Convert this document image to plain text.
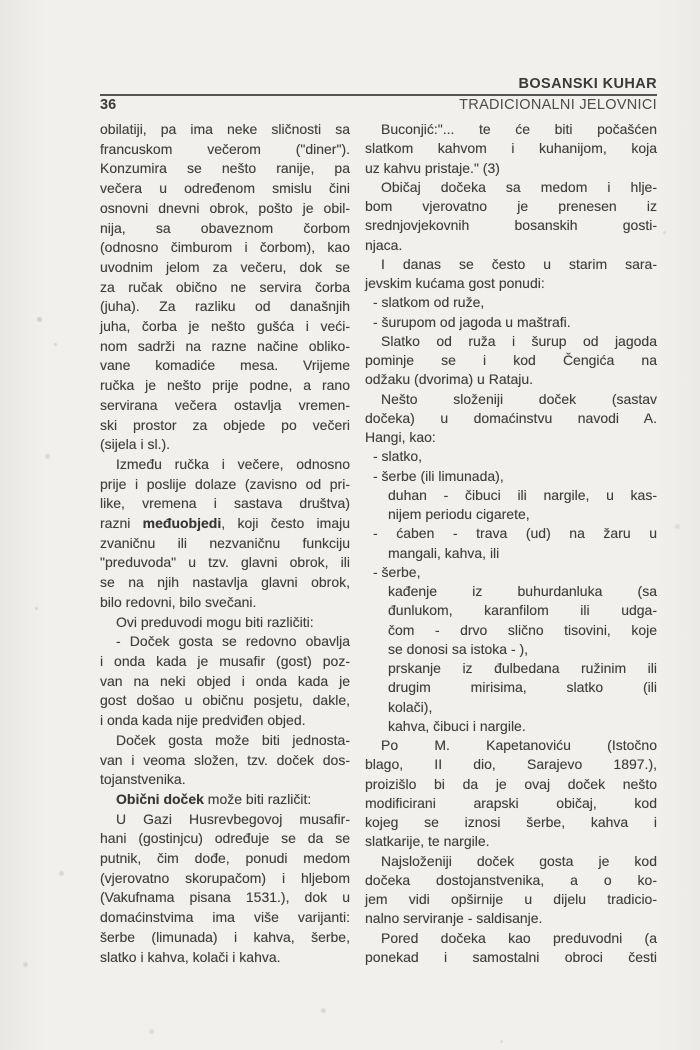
BOSANSKI KUHAR
36	TRADICIONALNI JELOVNICI
obilatiji, pa ima neke sličnosti sa
francuskom večerom ("diner").
Konzumira se nešto ranije, pa
večera u određenom smislu čini
osnovni dnevni obrok, pošto je obil-
nija, sa obaveznom čorbom
(odnosno čimburom i čorbom), kao
uvodnim jelom za večeru, dok se
za ručak obično ne servira čorba
(juha). Za razliku od današnjih
juha, čorba je nešto gušća i veći-
nom sadrži na razne načine obliko-
vane komadiće mesa. Vrijeme
ručka je nešto prije podne, a rano
servirana večera ostavlja vremen-
ski prostor za objede po večeri
(sijela i sl.).
Između ručka i večere, odnosno
prije i poslije dolaze (zavisno od pri-
like, vremena i sastava društva)
razni međuobjedi, koji često imaju
zvaničnu ili nezvaničnu funkciju
"preduvoda" u tzv. glavni obrok, ili
se na njih nastavlja glavni obrok,
bilo redovni, bilo svečani.
Ovi preduvodi mogu biti različiti:
- Doček gosta se redovno obavlja
i onda kada je musafir (gost) poz-
van na neki objed i onda kada je
gost došao u običnu posjetu, dakle,
i onda kada nije predviđen objed.
Doček gosta može biti jednosta-
van i veoma složen, tzv. doček dos-
tojanstvenika.
Obični doček može biti različit:
U Gazi Husrevbegovoj musafir-
hani (gostinjcu) određuje se da se
putnik, čim dođe, ponudi medom
(vjerovatno skorupačom) i hljebom
(Vakufnama pisana 1531.), dok u
domaćinstvima ima više varijanti:
šerbe (limunada) i kahva, šerbe,
slatko i kahva, kolači i kahva.
Buconjić:"... te će biti počašćen
slatkom kahvom i kuhanijom, koja
uz kahvu pristaje." (3)
Običaj dočeka sa medom i hlje-
bom vjerovatno je prenesen iz
srednjovjekovnih bosanskih gosti-
njaca.
I danas se često u starim sara-
jevskim kućama gost ponudi:
- slatkom od ruže,
- šurupom od jagoda u maštrafi.
Slatko od ruža i šurup od jagoda
pominje se i kod Čengića na
odžaku (dvorima) u Rataju.
Nešto složeniji doček (sastav
dočeka) u domaćinstvu navodi A.
Hangi, kao:
- slatko,
- šerbe (ili limunada),
duhan - čibuci ili nargile, u kas-
nijem periodu cigarete,
- ćaben - trava (ud) na žaru u
mangali, kahva, ili
- šerbe,
kađenje iz buhurdanluka (sa
đunlukom, karanfilom ili udga-
čom - drvo slično tisovini, koje
se donosi sa istoka - ),
prskanje iz đulbedana ružinim ili
drugim mirisima, slatko (ili
kolači),
kahva, čibuci i nargile.
Po M. Kapetanoviću (Istočno
blago, II dio, Sarajevo 1897.),
proizišlo bi da je ovaj doček nešto
modificirani arapski običaj, kod
kojeg se iznosi šerbe, kahva i
slatkarije, te nargile.
Najsloženiji doček gosta je kod
dočeka dostojanstvenika, a o ko-
jem vidi opširnije u dijelu tradicio-
nalno serviranje - saldisanje.
Pored dočeka kao preduvodni (a
ponekad i samostalni obroci česti
